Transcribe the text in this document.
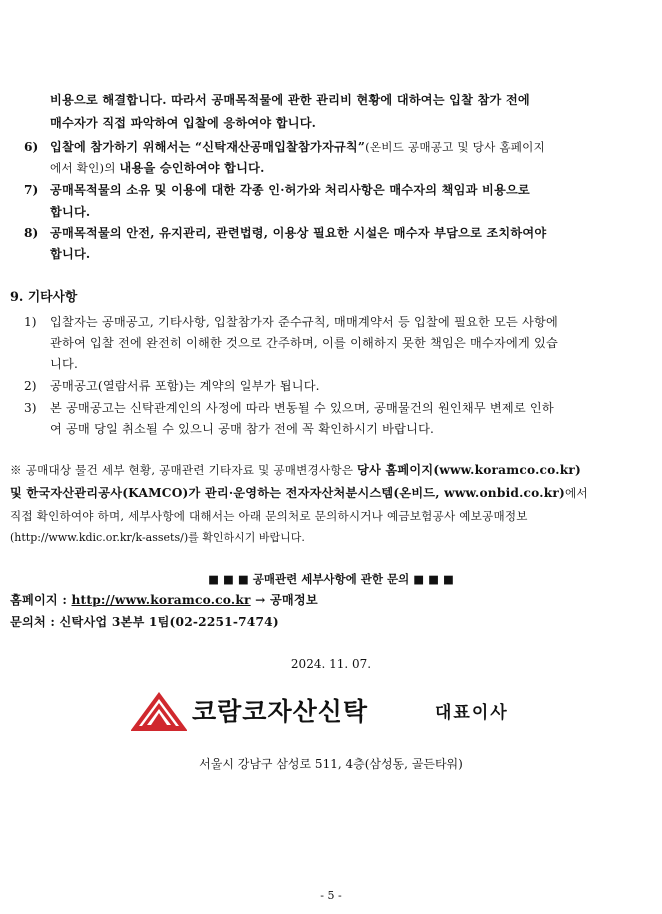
비용으로 해결합니다. 따라서 공매목적물에 관한 관리비 현황에 대하여는 입찰 참가 전에
매수자가 직접 파악하여 입찰에 응하여야 합니다.
6) 입찰에 참가하기 위해서는 “신탁재산공매입찰참가자규칙”(온비드 공매공고 및 당사 홈페이지
에서 확인)의 내용을 승인하여야 합니다.
7) 공매목적물의 소유 및 이용에 대한 각종 인·허가와 처리사항은 매수자의 책임과 비용으로
합니다.
8) 공매목적물의 안전, 유지관리, 관련법령, 이용상 필요한 시설은 매수자 부담으로 조치하여야
합니다.
9. 기타사항
1) 입찰자는 공매공고, 기타사항, 입찰참가자 준수규칙, 매매계약서 등 입찰에 필요한 모든 사항에
관하여 입찰 전에 완전히 이해한 것으로 간주하며, 이를 이해하지 못한 책임은 매수자에게 있습
니다.
2) 공매공고(열람서류 포함)는 계약의 일부가 됩니다.
3) 본 공매공고는 신탁관계인의 사정에 따라 변동될 수 있으며, 공매물건의 원인채무 변제로 인하
여 공매 당일 취소될 수 있으니 공매 참가 전에 꼭 확인하시기 바랍니다.
※ 공매대상 물건 세부 현황, 공매관련 기타자료 및 공매변경사항은 당사 홈페이지(www.koramco.co.kr)
및 한국자산관리공사(KAMCO)가 관리·운영하는 전자자산처분시스템(온비드, www.onbid.co.kr)에서
직접 확인하여야 하며, 세부사항에 대해서는 아래 문의처로 문의하시거나 예금보험공사 예보공매정보
(http://www.kdic.or.kr/k-assets/)를 확인하시기 바랍니다.
■ ■ ■ 공매관련 세부사항에 관한 문의 ■ ■ ■
홈페이지 : http://www.koramco.co.kr → 공매정보
문의처 : 신탁사업 3본부 1팀(02-2251-7474)
2024. 11. 07.
코람코자산신탁	대표이사
서울시 강남구 삼성로 511, 4층(삼성동, 골든타워)
- 5 -
